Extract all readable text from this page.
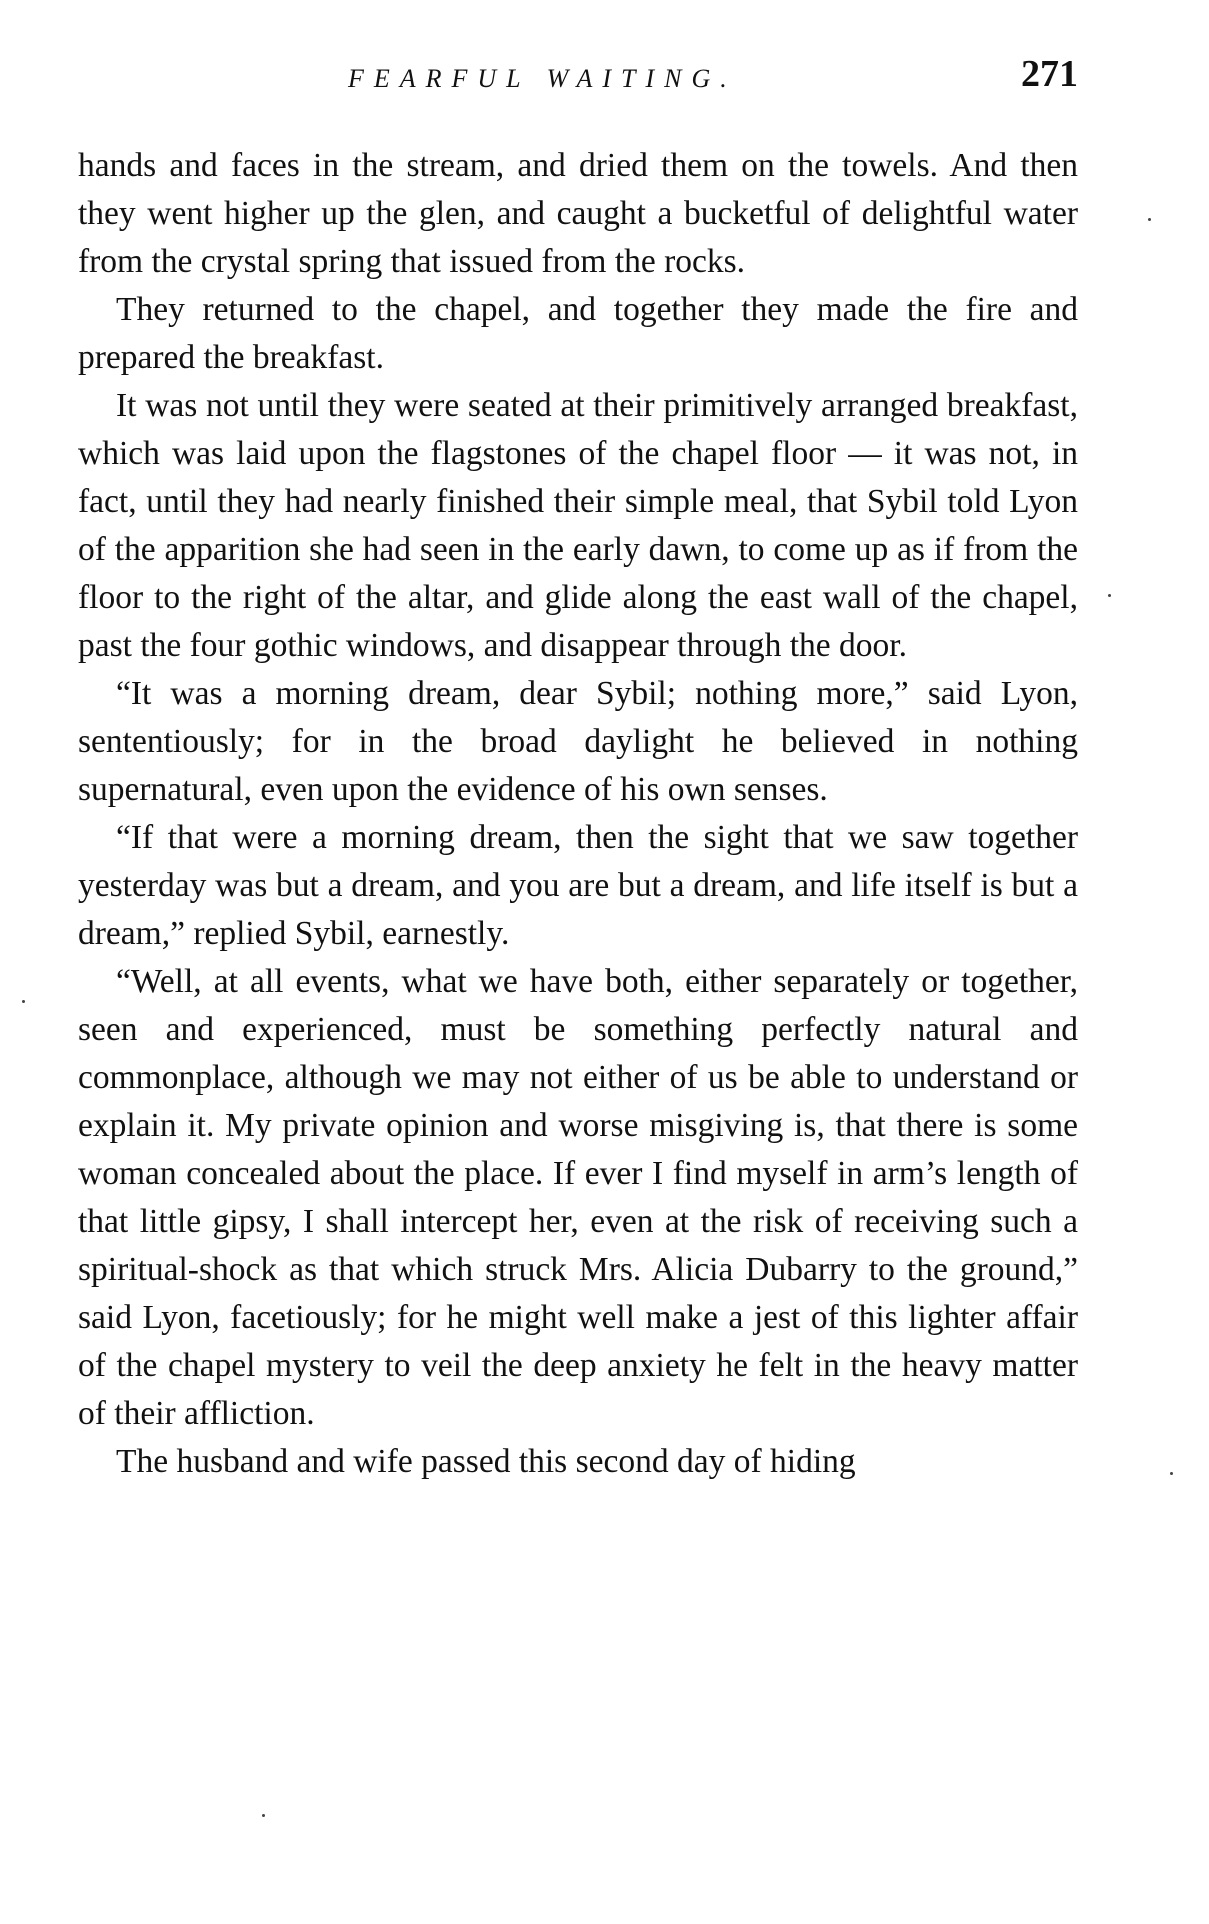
FEARFUL WAITING.	271

hands and faces in the stream, and dried them on the towels. And then they went higher up the glen, and caught a bucketful of delightful water from the crystal spring that issued from the rocks.

They returned to the chapel, and together they made the fire and prepared the breakfast.

It was not until they were seated at their primitively arranged breakfast, which was laid upon the flagstones of the chapel floor — it was not, in fact, until they had nearly finished their simple meal, that Sybil told Lyon of the apparition she had seen in the early dawn, to come up as if from the floor to the right of the altar, and glide along the east wall of the chapel, past the four gothic windows, and disappear through the door.

“It was a morning dream, dear Sybil; nothing more,” said Lyon, sententiously; for in the broad daylight he believed in nothing supernatural, even upon the evidence of his own senses.

“If that were a morning dream, then the sight that we saw together yesterday was but a dream, and you are but a dream, and life itself is but a dream,” replied Sybil, earnestly.

“Well, at all events, what we have both, either separately or together, seen and experienced, must be something perfectly natural and commonplace, although we may not either of us be able to understand or explain it. My private opinion and worse misgiving is, that there is some woman concealed about the place. If ever I find myself in arm’s length of that little gipsy, I shall intercept her, even at the risk of receiving such a spiritual-shock as that which struck Mrs. Alicia Dubarry to the ground,” said Lyon, facetiously; for he might well make a jest of this lighter affair of the chapel mystery to veil the deep anxiety he felt in the heavy matter of their affliction.

The husband and wife passed this second day of hiding
